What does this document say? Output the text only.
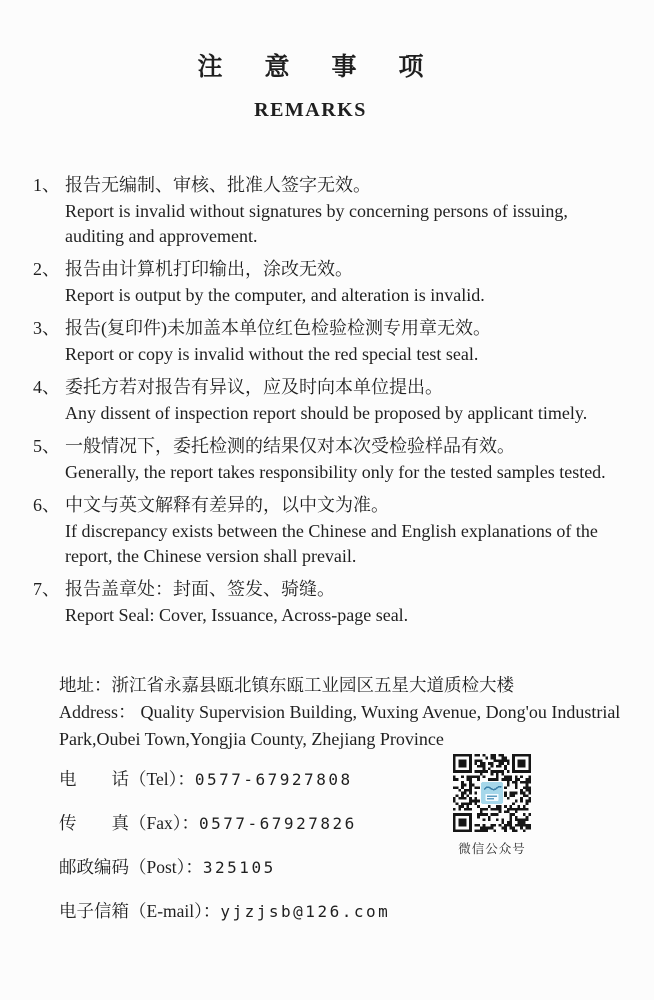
注意事项
REMARKS
1、 报告无编制、审核、批准人签字无效。
Report is invalid without signatures by concerning persons of issuing,
auditing and approvement.
2、 报告由计算机打印输出，涂改无效。
Report is output by the computer, and alteration is invalid.
3、 报告(复印件)未加盖本单位红色检验检测专用章无效。
Report or copy is invalid without the red special test seal.
4、 委托方若对报告有异议，应及时向本单位提出。
Any dissent of inspection report should be proposed by applicant timely.
5、 一般情况下，委托检测的结果仅对本次受检验样品有效。
Generally, the report takes responsibility only for the tested samples tested.
6、 中文与英文解释有差异的，以中文为准。
If discrepancy exists between the Chinese and English explanations of the
report, the Chinese version shall prevail.
7、 报告盖章处：封面、签发、骑缝。
Report Seal: Cover, Issuance, Across-page seal.
地址：浙江省永嘉县瓯北镇东瓯工业园区五星大道质检大楼
Address： Quality Supervision Building, Wuxing Avenue, Dong'ou Industrial
Park,Oubei Town,Yongjia County, Zhejiang Province
电　　话（Tel）：0577-67927808
传　　真（Fax）：0577-67927826
邮政编码（Post）：325105
电子信箱（E-mail）：yjzjsb@126.com
微信公众号
